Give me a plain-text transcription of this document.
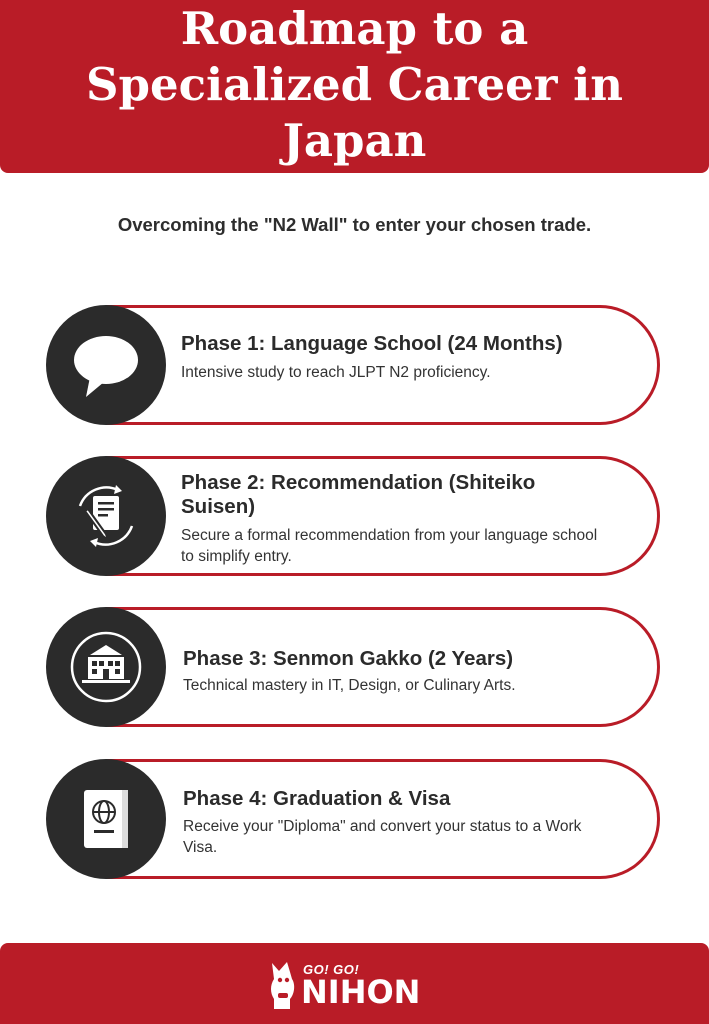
Roadmap to a Specialized Career in Japan
Overcoming the "N2 Wall" to enter your chosen trade.
Phase 1: Language School (24 Months)
Intensive study to reach JLPT N2 proficiency.
Phase 2: Recommendation (Shiteiko Suisen)
Secure a formal recommendation from your language school to simplify entry.
Phase 3: Senmon Gakko (2 Years)
Technical mastery in IT, Design, or Culinary Arts.
Phase 4: Graduation & Visa
Receive your "Diploma" and convert your status to a Work Visa.
GO! GO!
NIHON
